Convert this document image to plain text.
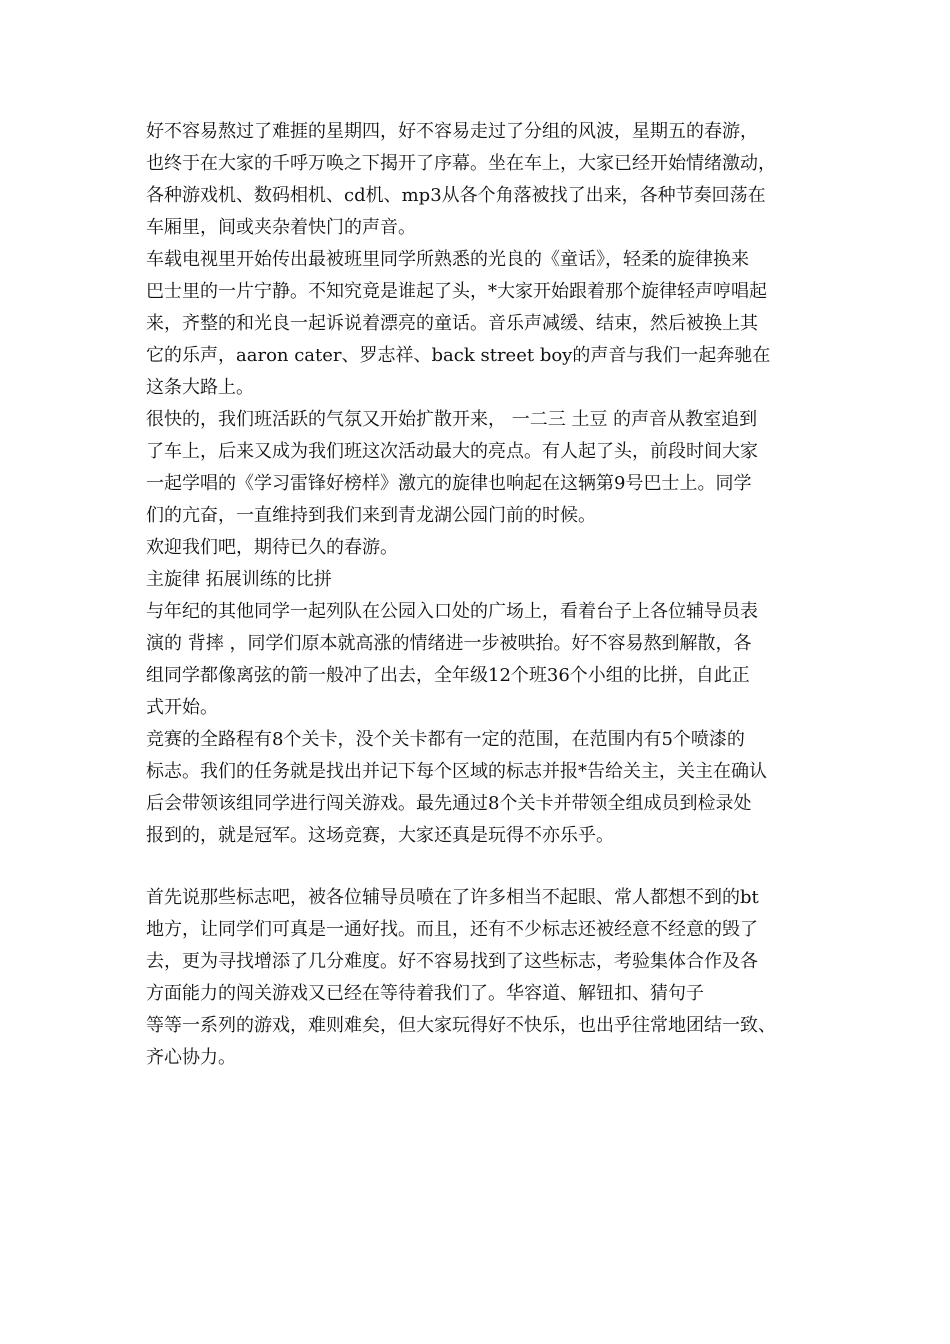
好不容易熬过了难捱的星期四，好不容易走过了分组的风波，星期五的春游，
也终于在大家的千呼万唤之下揭开了序幕。坐在车上，大家已经开始情绪激动，
各种游戏机、数码相机、cd机、mp3从各个角落被找了出来，各种节奏回荡在
车厢里，间或夹杂着快门的声音。
车载电视里开始传出最被班里同学所熟悉的光良的《童话》，轻柔的旋律换来
巴士里的一片宁静。不知究竟是谁起了头，*大家开始跟着那个旋律轻声哼唱起
来，齐整的和光良一起诉说着漂亮的童话。音乐声减缓、结束，然后被换上其
它的乐声，aaron cater、罗志祥、back street boy的声音与我们一起奔驰在
这条大路上。
很快的，我们班活跃的气氛又开始扩散开来， 一二三 土豆 的声音从教室追到
了车上，后来又成为我们班这次活动最大的亮点。有人起了头，前段时间大家
一起学唱的《学习雷锋好榜样》激亢的旋律也响起在这辆第9号巴士上。同学
们的亢奋，一直维持到我们来到青龙湖公园门前的时候。
欢迎我们吧，期待已久的春游。
主旋律 拓展训练的比拼
与年纪的其他同学一起列队在公园入口处的广场上，看着台子上各位辅导员表
演的 背摔 ，同学们原本就高涨的情绪进一步被哄抬。好不容易熬到解散，各
组同学都像离弦的箭一般冲了出去，全年级12个班36个小组的比拼，自此正
式开始。
竞赛的全路程有8个关卡，没个关卡都有一定的范围，在范围内有5个喷漆的
标志。我们的任务就是找出并记下每个区域的标志并报*告给关主，关主在确认
后会带领该组同学进行闯关游戏。最先通过8个关卡并带领全组成员到检录处
报到的，就是冠军。这场竞赛，大家还真是玩得不亦乐乎。
首先说那些标志吧，被各位辅导员喷在了许多相当不起眼、常人都想不到的bt
地方，让同学们可真是一通好找。而且，还有不少标志还被经意不经意的毁了
去，更为寻找增添了几分难度。好不容易找到了这些标志，考验集体合作及各
方面能力的闯关游戏又已经在等待着我们了。华容道、解钮扣、猜句子
等等一系列的游戏，难则难矣，但大家玩得好不快乐，也出乎往常地团结一致、
齐心协力。
